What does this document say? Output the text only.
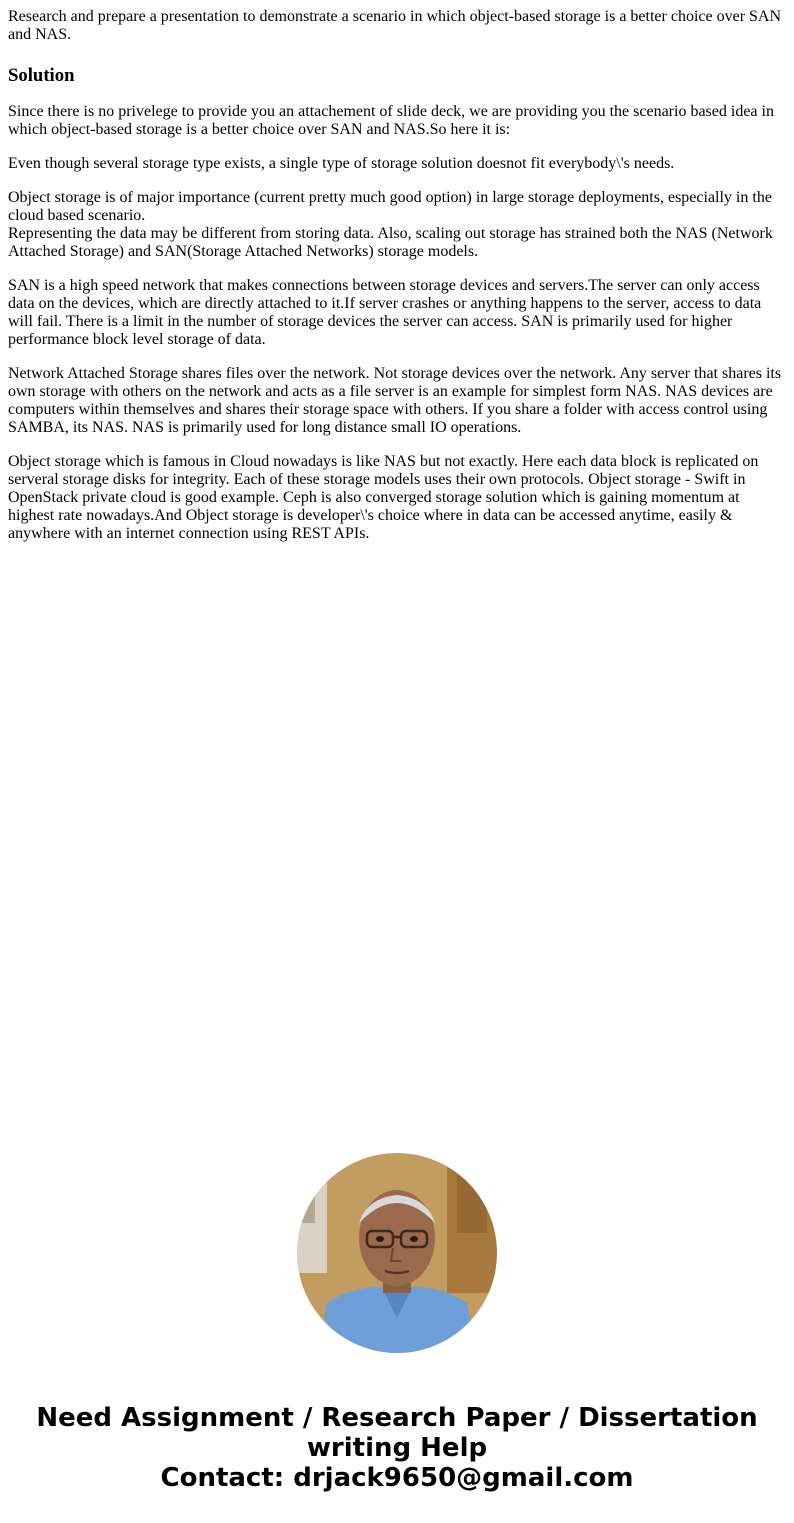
Research and prepare a presentation to demonstrate a scenario in which object-based storage is a better choice over SAN and NAS.

Solution

Since there is no privelege to provide you an attachement of slide deck, we are providing you the scenario based idea in which object-based storage is a better choice over SAN and NAS.So here it is:

Even though several storage type exists, a single type of storage solution doesnot fit everybody\'s needs.

Object storage is of major importance (current pretty much good option) in large storage deployments, especially in the cloud based scenario.
Representing the data may be different from storing data. Also, scaling out storage has strained both the NAS (Network Attached Storage) and SAN(Storage Attached Networks) storage models.

SAN is a high speed network that makes connections between storage devices and servers.The server can only access data on the devices, which are directly attached to it.If server crashes or anything happens to the server, access to data will fail. There is a limit in the number of storage devices the server can access. SAN is primarily used for higher performance block level storage of data.

Network Attached Storage shares files over the network. Not storage devices over the network. Any server that shares its own storage with others on the network and acts as a file server is an example for simplest form NAS. NAS devices are computers within themselves and shares their storage space with others. If you share a folder with access control using SAMBA, its NAS. NAS is primarily used for long distance small IO operations.

Object storage which is famous in Cloud nowadays is like NAS but not exactly. Here each data block is replicated on serveral storage disks for integrity. Each of these storage models uses their own protocols. Object storage - Swift in OpenStack private cloud is good example. Ceph is also converged storage solution which is gaining momentum at highest rate nowadays.And Object storage is developer\'s choice where in data can be accessed anytime, easily & anywhere with an internet connection using REST APIs.

Need Assignment / Research Paper / Dissertation
writing Help
Contact: drjack9650@gmail.com
